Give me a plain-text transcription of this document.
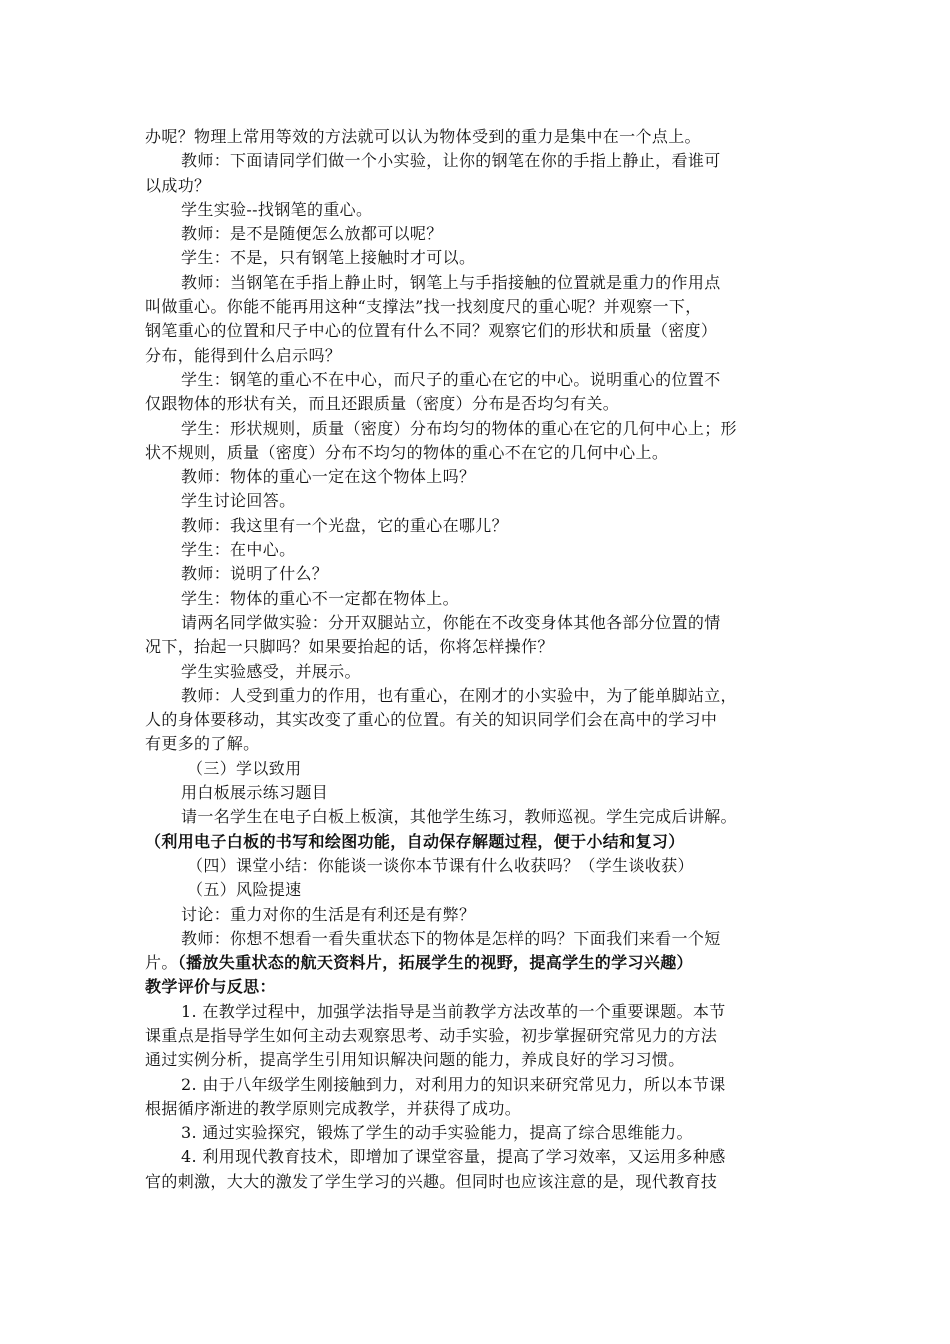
办呢？物理上常用等效的方法就可以认为物体受到的重力是集中在一个点上。

教师：下面请同学们做一个小实验，让你的钢笔在你的手指上静止，看谁可

以成功？

学生实验--找钢笔的重心。

教师：是不是随便怎么放都可以呢？

学生：不是，只有钢笔上接触时才可以。

教师：当钢笔在手指上静止时，钢笔上与手指接触的位置就是重力的作用点

叫做重心。你能不能再用这种“支撑法”找一找刻度尺的重心呢？并观察一下，

钢笔重心的位置和尺子中心的位置有什么不同？观察它们的形状和质量（密度）

分布，能得到什么启示吗？

学生：钢笔的重心不在中心，而尺子的重心在它的中心。说明重心的位置不

仅跟物体的形状有关，而且还跟质量（密度）分布是否均匀有关。

学生：形状规则，质量（密度）分布均匀的物体的重心在它的几何中心上；形

状不规则，质量（密度）分布不均匀的物体的重心不在它的几何中心上。

教师：物体的重心一定在这个物体上吗？

学生讨论回答。

教师：我这里有一个光盘，它的重心在哪儿？

学生：在中心。

教师：说明了什么？

学生：物体的重心不一定都在物体上。

请两名同学做实验：分开双腿站立，你能在不改变身体其他各部分位置的情

况下，抬起一只脚吗？如果要抬起的话，你将怎样操作？

学生实验感受，并展示。

教师：人受到重力的作用，也有重心，在刚才的小实验中，为了能单脚站立，

人的身体要移动，其实改变了重心的位置。有关的知识同学们会在高中的学习中

有更多的了解。

（三）学以致用

用白板展示练习题目

请一名学生在电子白板上板演，其他学生练习，教师巡视。学生完成后讲解。

（利用电子白板的书写和绘图功能，自动保存解题过程，便于小结和复习）

（四）课堂小结：你能谈一谈你本节课有什么收获吗？（学生谈收获）

（五）风险提速

讨论：重力对你的生活是有利还是有弊？

教师：你想不想看一看失重状态下的物体是怎样的吗？下面我们来看一个短

片。（播放失重状态的航天资料片，拓展学生的视野，提高学生的学习兴趣）

教学评价与反思：

1. 在教学过程中，加强学法指导是当前教学方法改革的一个重要课题。本节

课重点是指导学生如何主动去观察思考、动手实验，初步掌握研究常见力的方法

通过实例分析，提高学生引用知识解决问题的能力，养成良好的学习习惯。

2. 由于八年级学生刚接触到力，对利用力的知识来研究常见力，所以本节课

根据循序渐进的教学原则完成教学，并获得了成功。

3. 通过实验探究，锻炼了学生的动手实验能力，提高了综合思维能力。

4. 利用现代教育技术，即增加了课堂容量，提高了学习效率，又运用多种感

官的刺激，大大的激发了学生学习的兴趣。但同时也应该注意的是，现代教育技
